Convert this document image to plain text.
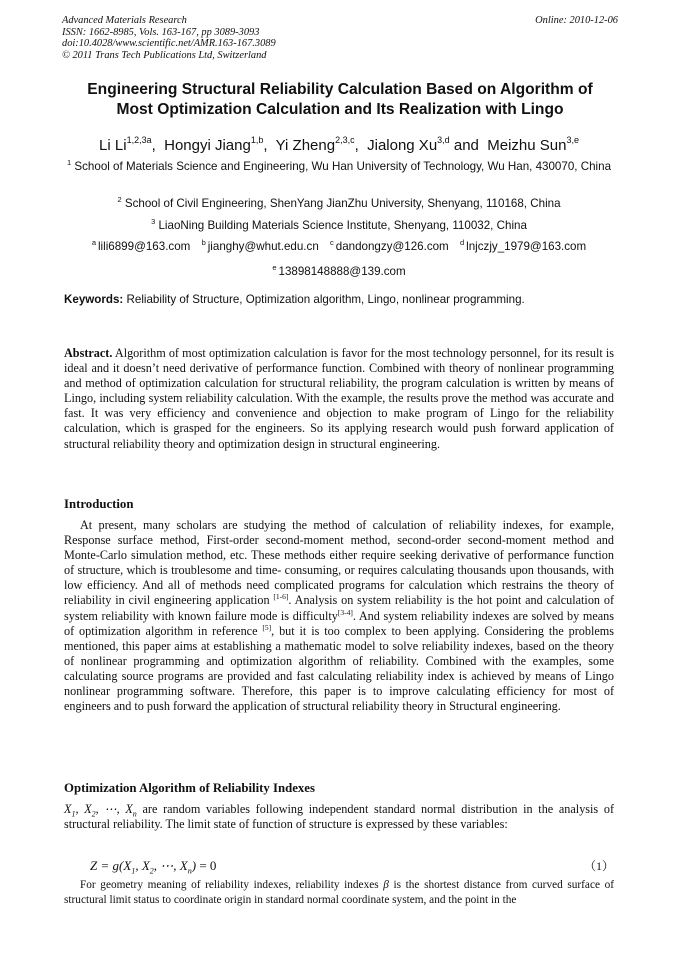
Advanced Materials Research
ISSN: 1662-8985, Vols. 163-167, pp 3089-3093
doi:10.4028/www.scientific.net/AMR.163-167.3089
© 2011 Trans Tech Publications Ltd, Switzerland
Online: 2010-12-06
Engineering Structural Reliability Calculation Based on Algorithm of
Most Optimization Calculation and Its Realization with Lingo
Li $Li^{1,2,3a}$,  Hongyi Jiang$^{1,b}$,  Yi Zheng$^{2,3,c}$,  Jialong Xu$^{3,d}$ and  Meizhu Sun$^{3,e}$
$^1$ School of Materials Science and Engineering, Wu Han University of Technology, Wu Han, 430070, China
$^2$ School of Civil Engineering, ShenYang JianZhu University, Shenyang, 110168, China
$^3$ LiaoNing Building Materials Science Institute, Shenyang, 110032, China
$^a$ lili6899@163.com $^b$ jianghy@whut.edu.cn $^c$ dandongzy@126.com $^d$ lnjczjy_1979@163.com
$^e$ 13898148888@139.com
Keywords: Reliability of Structure, Optimization algorithm, Lingo, nonlinear programming.
Abstract. Algorithm of most optimization calculation is favor for the most technology personnel, for its result is ideal and it doesn’t need derivative of performance function. Combined with theory of nonlinear programming and method of optimization calculation for structural reliability, the program calculation is written by means of Lingo, including system reliability calculation. With the example, the results prove the method was accurate and fast. It was very efficiency and convenience and objection to make program of Lingo for the reliability calculation, which is grasped for the engineers. So its applying research would push forward application of structural reliability theory and optimization design in structural engineering.
Introduction
At present, many scholars are studying the method of calculation of reliability indexes, for example, Response surface method, First-order second-moment method, second-order second-moment method and Monte-Carlo simulation method, etc. These methods either require seeking derivative of performance function of structure, which is troublesome and time- consuming, or requires calculating thousands upon thousands, with low efficiency. And all of methods need complicated programs for calculation which restrains the theory of reliability in civil engineering application [1-6]. Analysis on system reliability is the hot point and calculation of system reliability with known failure mode is difficulty[3-4]. And system reliability indexes are solved by means of optimization algorithm in reference [5], but it is too complex to been applying. Considering the problems mentioned, this paper aims at establishing a mathematic model to solve reliability indexes, based on the theory of nonlinear programming and optimization algorithm of reliability. Combined with the examples, some calculating source programs are provided and fast calculating reliability index is achieved by means of Lingo nonlinear programming software. Therefore, this paper is to improve calculating efficiency for most of engineers and to push forward the application of structural reliability theory in Structural engineering.
Optimization Algorithm of Reliability Indexes
$X_1$, $X_2$, ⋯, $X_n$ are random variables following independent standard normal distribution in the analysis of structural reliability. The limit state of function of structure is expressed by these variables:
$Z = g(X_1$, $X_2$, ⋯, $X_n) = 0$	（1）
For geometry meaning of reliability indexes, reliability indexes β is the shortest distance from curved surface of structural limit status to coordinate origin in standard normal coordinate system, and the point in the
